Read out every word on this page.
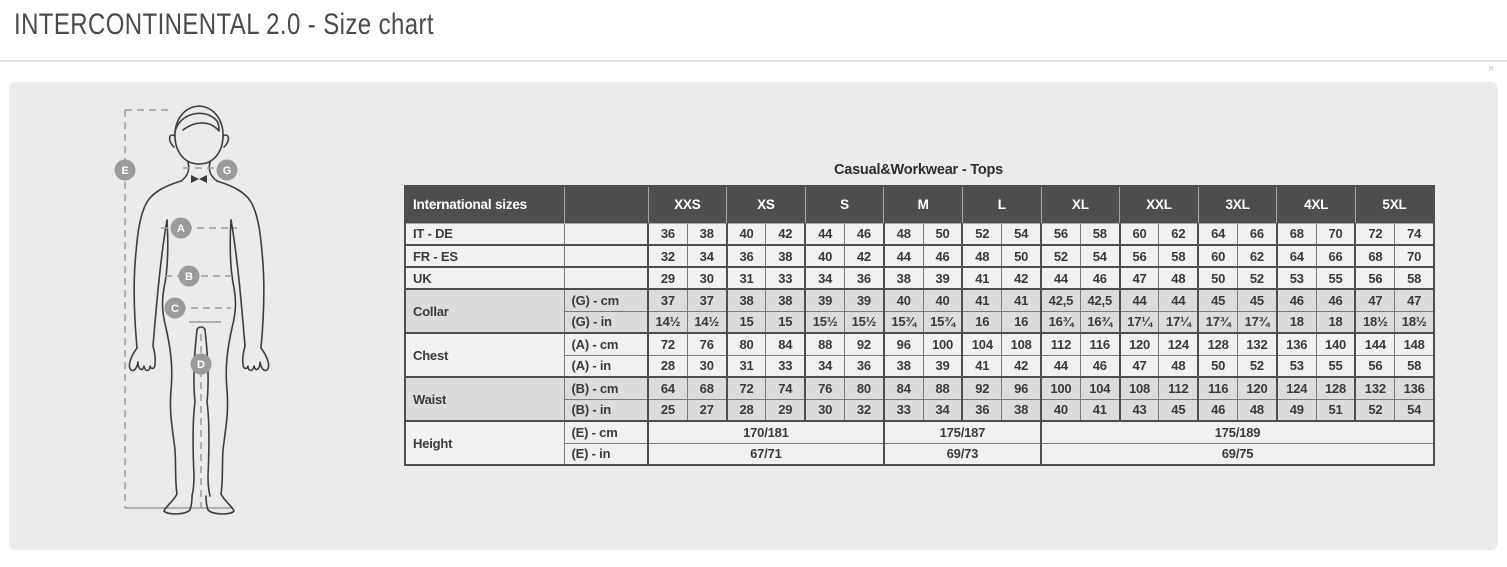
INTERCONTINENTAL 2.0 - Size chart
×
E	G
A
B
C
D
Casual&Workwear - Tops
International sizes		XXS		XS		S		M		L		XL		XXL		3XL		4XL		5XL	
IT - DE		36	38	40	42	44	46	48	50	52	54	56	58	60	62	64	66	68	70	72	74
FR - ES		32	34	36	38	40	42	44	46	48	50	52	54	56	58	60	62	64	66	68	70
UK		29	30	31	33	34	36	38	39	41	42	44	46	47	48	50	52	53	55	56	58
Collar	(G) - cm	37	37	38	38	39	39	40	40	41	41	42,5	42,5	44	44	45	45	46	46	47	47
	(G) - in	14½	14½	15	15	15½	15½	15¾	15¾	16	16	16¾	16¾	17¼	17¼	17¾	17¾	18	18	18½	18½
Chest	(A) - cm	72	76	80	84	88	92	96	100	104	108	112	116	120	124	128	132	136	140	144	148
	(A) - in	28	30	31	33	34	36	38	39	41	42	44	46	47	48	50	52	53	55	56	58
Waist	(B) - cm	64	68	72	74	76	80	84	88	92	96	100	104	108	112	116	120	124	128	132	136
	(B) - in	25	27	28	29	30	32	33	34	36	38	40	41	43	45	46	48	49	51	52	54
Height	(E) - cm	170/181						175/187				175/189									
	(E) - in	67/71						69/73				69/75									
